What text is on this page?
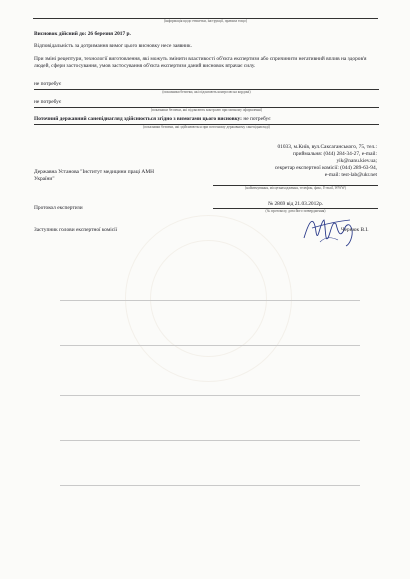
(інформація щодо етикетки, інструкції, правила тощо)
Висновок дійсний до: 26 березня 2017 р.
Відповідальність за дотримання вимог цього висновку несе заявник.
При зміні рецептури, технології виготовлення, які можуть змінити властивості об'єкта експертизи або спричинити негативний вплив на здоров'я людей, сфери застосування, умов застосування об'єкта експертизи даний висновок втрачає силу.
не потребує
(показники безпеки, які підлягають контролю на кордоні)
не потребує
(показники безпеки, які підлягають контролю при митному оформленні)
Поточний державний санепіднагляд здійснюється згідно з вимогами цього висновку: не потребує
(показники безпеки, які здійснюються при поточному державному санепіднагляді)
Державна Установа "Інститут медицини праці АМН України"
01033, м.Київ, вул.Саксаганського, 75, тел.:
приймальня: (044) 284-34-27, e-mail:
yik@nanu.kiev.ua;
секретар експертної комісії: (044) 289-63-94,
e-mail: test-lab@ukr.net
(найменування, місцезнаходження, телефон, факс, E-mail, WWW)
Протокол експертизи
№ 2869 від 21.03.2012р.
(№ протоколу, дата його затвердження)
Заступник голови експертної комісії	Чернюк В.І.
